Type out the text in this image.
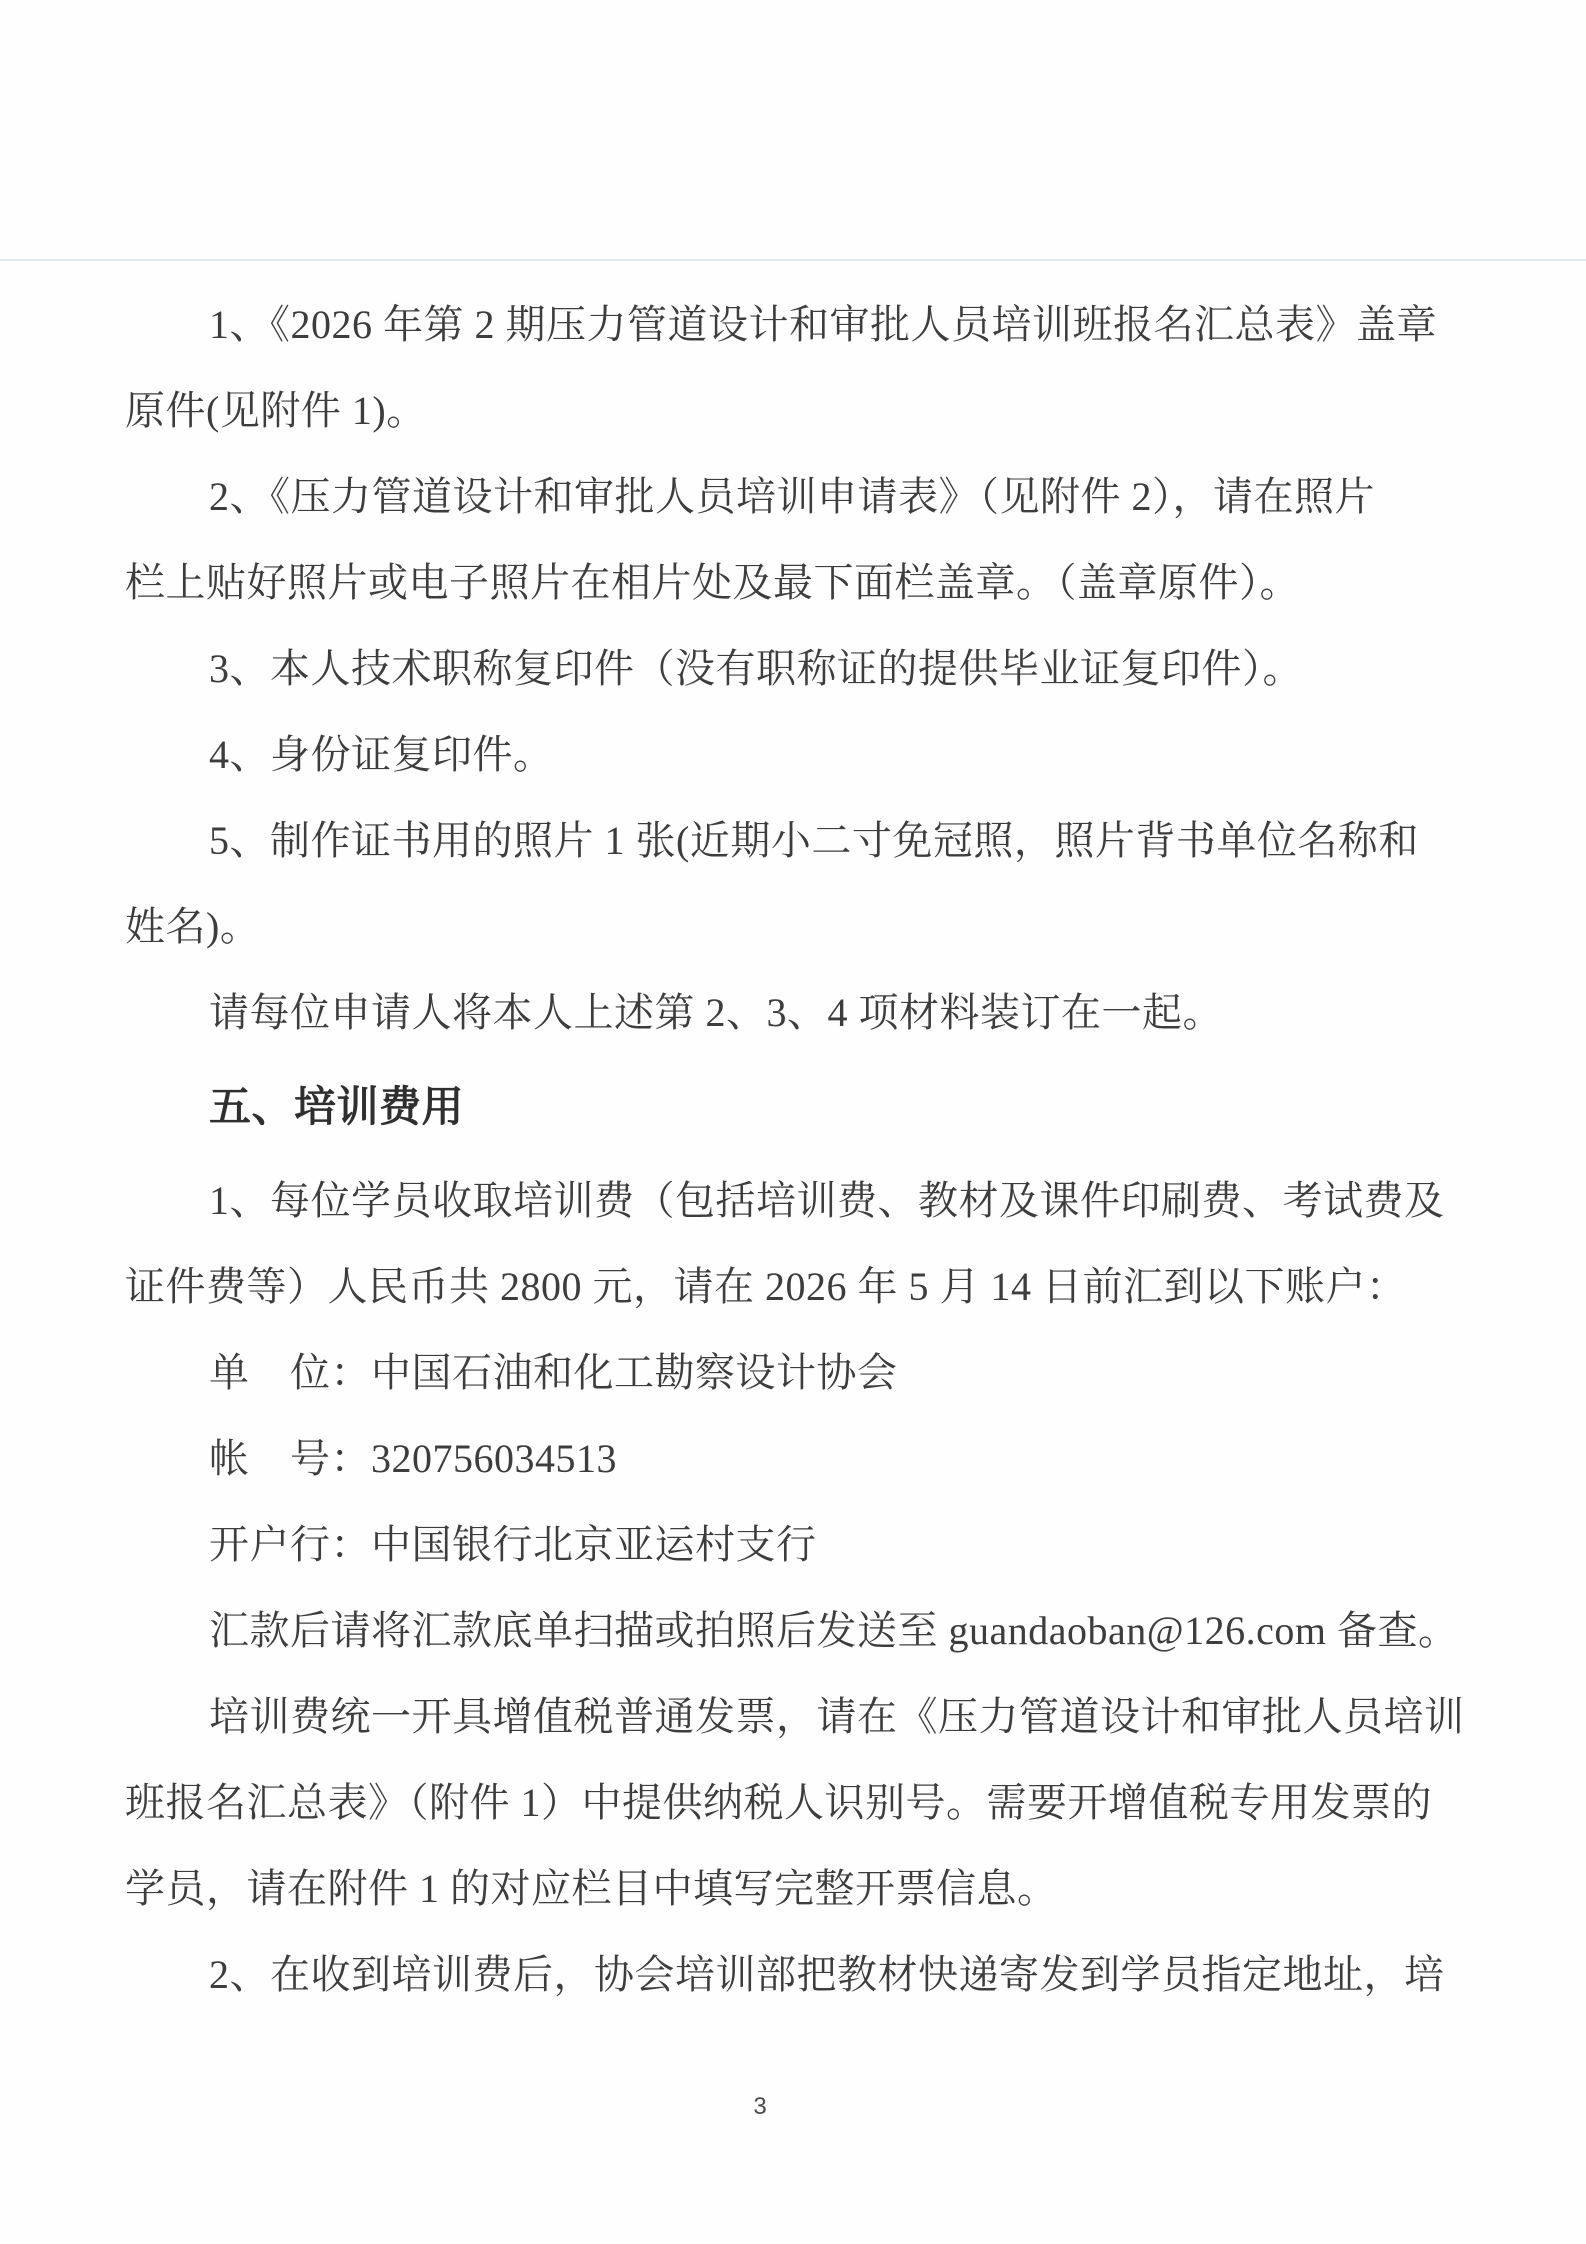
1、《2026 年第 2 期压力管道设计和审批人员培训班报名汇总表》盖章
原件(见附件 1)。
2、《压力管道设计和审批人员培训申请表》（见附件 2），请在照片
栏上贴好照片或电子照片在相片处及最下面栏盖章。（盖章原件）。
3、本人技术职称复印件（没有职称证的提供毕业证复印件）。
4、身份证复印件。
5、制作证书用的照片 1 张(近期小二寸免冠照，照片背书单位名称和
姓名)。
请每位申请人将本人上述第 2、3、4 项材料装订在一起。
五、培训费用
1、每位学员收取培训费（包括培训费、教材及课件印刷费、考试费及
证件费等）人民币共 2800 元，请在 2026 年 5 月 14 日前汇到以下账户：
单　位：中国石油和化工勘察设计协会
帐　号：320756034513
开户行：中国银行北京亚运村支行
汇款后请将汇款底单扫描或拍照后发送至 guandaoban@126.com 备查。
培训费统一开具增值税普通发票，请在《压力管道设计和审批人员培训
班报名汇总表》（附件 1）中提供纳税人识别号。需要开增值税专用发票的
学员，请在附件 1 的对应栏目中填写完整开票信息。
2、在收到培训费后，协会培训部把教材快递寄发到学员指定地址，培
3
